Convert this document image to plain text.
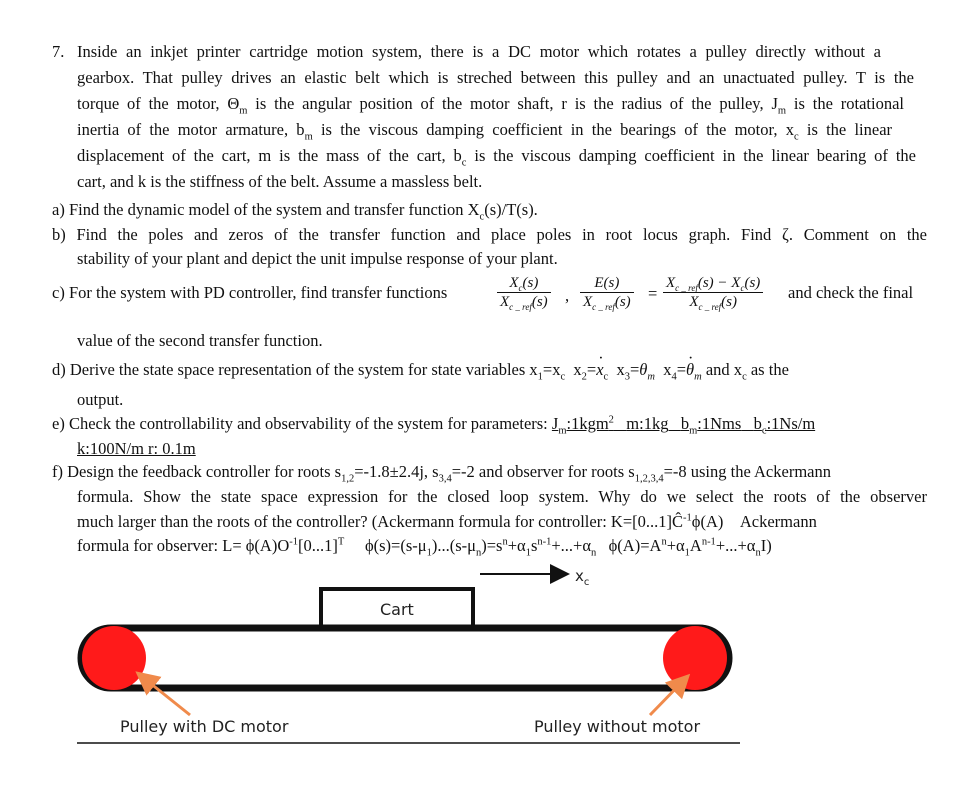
7. Inside an inkjet printer cartridge motion system, there is a DC motor which rotates a pulley directly without a
gearbox. That pulley drives an elastic belt which is streched between this pulley and an unactuated pulley. T is the
torque of the motor, $\Theta_m$ is the angular position of the motor shaft, r is the radius of the pulley, $J_m$ is the rotational
inertia of the motor armature, $b_m$ is the viscous damping coefficient in the bearings of the motor, $x_c$ is the linear
displacement of the cart, m is the mass of the cart, $b_c$ is the viscous damping coefficient in the linear bearing of the
cart, and k is the stiffness of the belt. Assume a massless belt.
a) Find the dynamic model of the system and transfer function $X_c(s)/T(s)$.
b) Find the poles and zeros of the transfer function and place poles in root locus graph. Find ζ. Comment on the
stability of your plant and depict the unit impulse response of your plant.
c) For the system with PD controller, find transfer functions	$\frac{X_c(s)}{X_{c \_ ref}(s)}$ , $\frac{E(s)}{X_{c \_ ref}(s)} = \frac{X_{c \_ ref}(s) - X_c(s)}{X_{c \_ ref}(s)}$ and check the final
value of the second transfer function.
d) Derive the state space representation of the system for state variables $x_1=x_c$  $x_2=\cdot x_c$  $x_3=\theta_m$  $x_4=\cdot \theta_m$ and $x_c$ as the
output.
e) Check the controllability and observability of the system for parameters: $J_m:1kgm^2$ m:1kg $b_m:1Nms$ $b_c:1Ns/m$
k:100N/m r: 0.1m
f) Design the feedback controller for roots $s_{1,2}=-1.8\pm 2.4j$, $s_{3,4}=-2$ and observer for roots $s_{1,2,3,4}=-8$ using the Ackermann
formula. Show the state space expression for the closed loop system. Why do we select the roots of the observer
much larger than the roots of the controller? (Ackermann formula for controller: $K=[0...1]Ĉ^{-1}\phi(A)$ Ackermann
formula for observer: $L= \phi(A)O^{-1}[0...1]^T$ $\phi(s)=(s-\mu_1)...(s-\mu_n)=s^n+\alpha_1s^{n-1}+...+\alpha_n$ $\phi(A)=A^n+\alpha_1A^{n-1}+...+\alpha_nI$)
$x_c$
Cart
Pulley with DC motor	Pulley without motor
